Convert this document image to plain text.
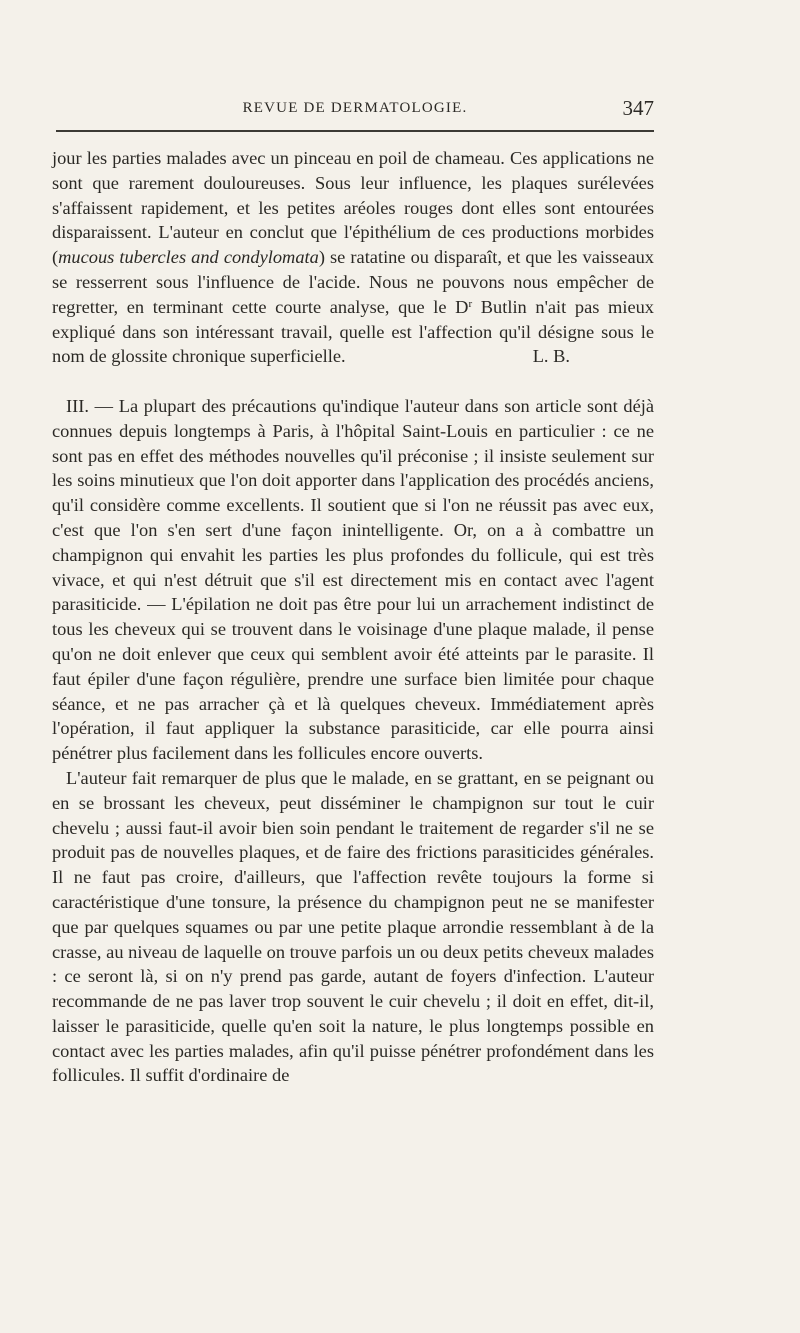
REVUE DE DERMATOLOGIE.	347

jour les parties malades avec un pinceau en poil de chameau. Ces applications ne sont que rarement douloureuses. Sous leur influence, les plaques surélevées s'affaissent rapidement, et les petites aréoles rouges dont elles sont entourées disparaissent. L'auteur en conclut que l'épithélium de ces productions morbides (mucous tubercles and condylomata) se ratatine ou disparaît, et que les vaisseaux se resserrent sous l'influence de l'acide. Nous ne pouvons nous empêcher de regretter, en terminant cette courte analyse, que le $D^r$ Butlin n'ait pas mieux expliqué dans son intéressant travail, quelle est l'affection qu'il désigne sous le nom de glossite chronique superficielle.	L. B.

III. — La plupart des précautions qu'indique l'auteur dans son article sont déjà connues depuis longtemps à Paris, à l'hôpital Saint-Louis en particulier : ce ne sont pas en effet des méthodes nouvelles qu'il préconise ; il insiste seulement sur les soins minutieux que l'on doit apporter dans l'application des procédés anciens, qu'il considère comme excellents. Il soutient que si l'on ne réussit pas avec eux, c'est que l'on s'en sert d'une façon inintelligente. Or, on a à combattre un champignon qui envahit les parties les plus profondes du follicule, qui est très vivace, et qui n'est détruit que s'il est directement mis en contact avec l'agent parasiticide. — L'épilation ne doit pas être pour lui un arrachement indistinct de tous les cheveux qui se trouvent dans le voisinage d'une plaque malade, il pense qu'on ne doit enlever que ceux qui semblent avoir été atteints par le parasite. Il faut épiler d'une façon régulière, prendre une surface bien limitée pour chaque séance, et ne pas arracher çà et là quelques cheveux. Immédiatement après l'opération, il faut appliquer la substance parasiticide, car elle pourra ainsi pénétrer plus facilement dans les follicules encore ouverts.

L'auteur fait remarquer de plus que le malade, en se grattant, en se peignant ou en se brossant les cheveux, peut disséminer le champignon sur tout le cuir chevelu ; aussi faut-il avoir bien soin pendant le traitement de regarder s'il ne se produit pas de nouvelles plaques, et de faire des frictions parasiticides générales. Il ne faut pas croire, d'ailleurs, que l'affection revête toujours la forme si caractéristique d'une tonsure, la présence du champignon peut ne se manifester que par quelques squames ou par une petite plaque arrondie ressemblant à de la crasse, au niveau de laquelle on trouve parfois un ou deux petits cheveux malades : ce seront là, si on n'y prend pas garde, autant de foyers d'infection. L'auteur recommande de ne pas laver trop souvent le cuir chevelu ; il doit en effet, dit-il, laisser le parasiticide, quelle qu'en soit la nature, le plus longtemps possible en contact avec les parties malades, afin qu'il puisse pénétrer profondément dans les follicules. Il suffit d'ordinaire de
